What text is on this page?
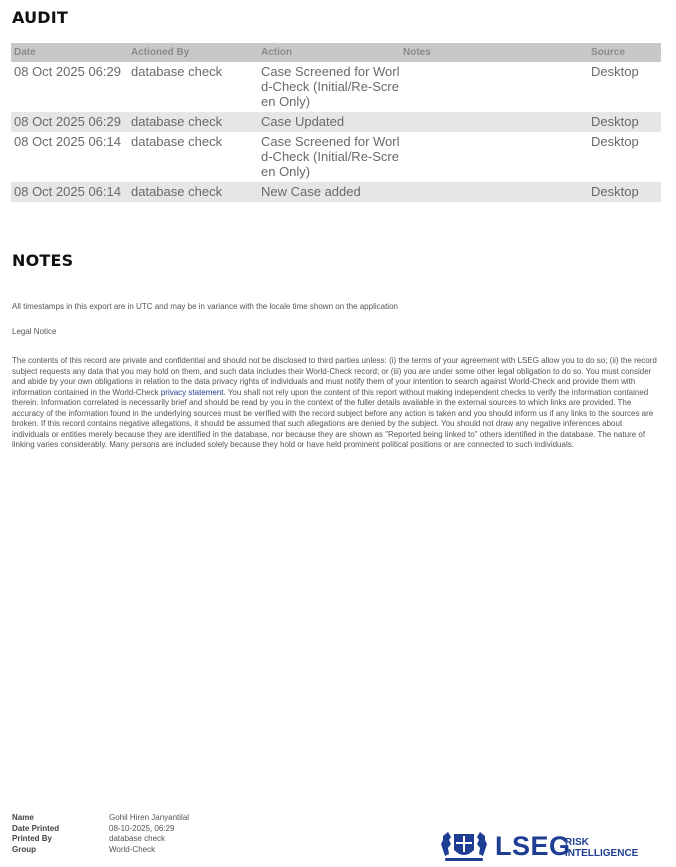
AUDIT
Date	Actioned By	Action	Notes	Source
08 Oct 2025 06:29	database check	Case Screened for World-Check (Initial/Re-Screen Only)		Desktop
08 Oct 2025 06:29	database check	Case Updated		Desktop
08 Oct 2025 06:14	database check	Case Screened for World-Check (Initial/Re-Screen Only)		Desktop
08 Oct 2025 06:14	database check	New Case added		Desktop
NOTES

All timestamps in this export are in UTC and may be in variance with the locale time shown on the application

Legal Notice

The contents of this record are private and confidential and should not be disclosed to third parties unless: (i) the terms of your agreement with LSEG allow you to do so; (ii) the record subject requests any data that you may hold on them, and such data includes their World-Check record; or (iii) you are under some other legal obligation to do so. You must consider and abide by your own obligations in relation to the data privacy rights of individuals and must notify them of your intention to search against World-Check and provide them with information contained in the World-Check privacy statement. You shall not rely upon the content of this report without making independent checks to verify the information contained therein. Information correlated is necessarily brief and should be read by you in the context of the fuller details available in the external sources to which links are provided. The accuracy of the information found in the underlying sources must be verified with the record subject before any action is taken and you should inform us if any links to the sources are broken. If this record contains negative allegations, it should be assumed that such allegations are denied by the subject. You should not draw any negative inferences about individuals or entities merely because they are identified in the database, nor because they are shown as "Reported being linked to" others identified in the database. The nature of linking varies considerably. Many persons are included solely because they hold or have held prominent political positions or are connected to such individuals.

Name	Gohil Hiren Janyantilal
Date Printed	08-10-2025, 06:29
Printed By	database check
Group	World-Check	LSEG
RISK
INTELLIGENCE
